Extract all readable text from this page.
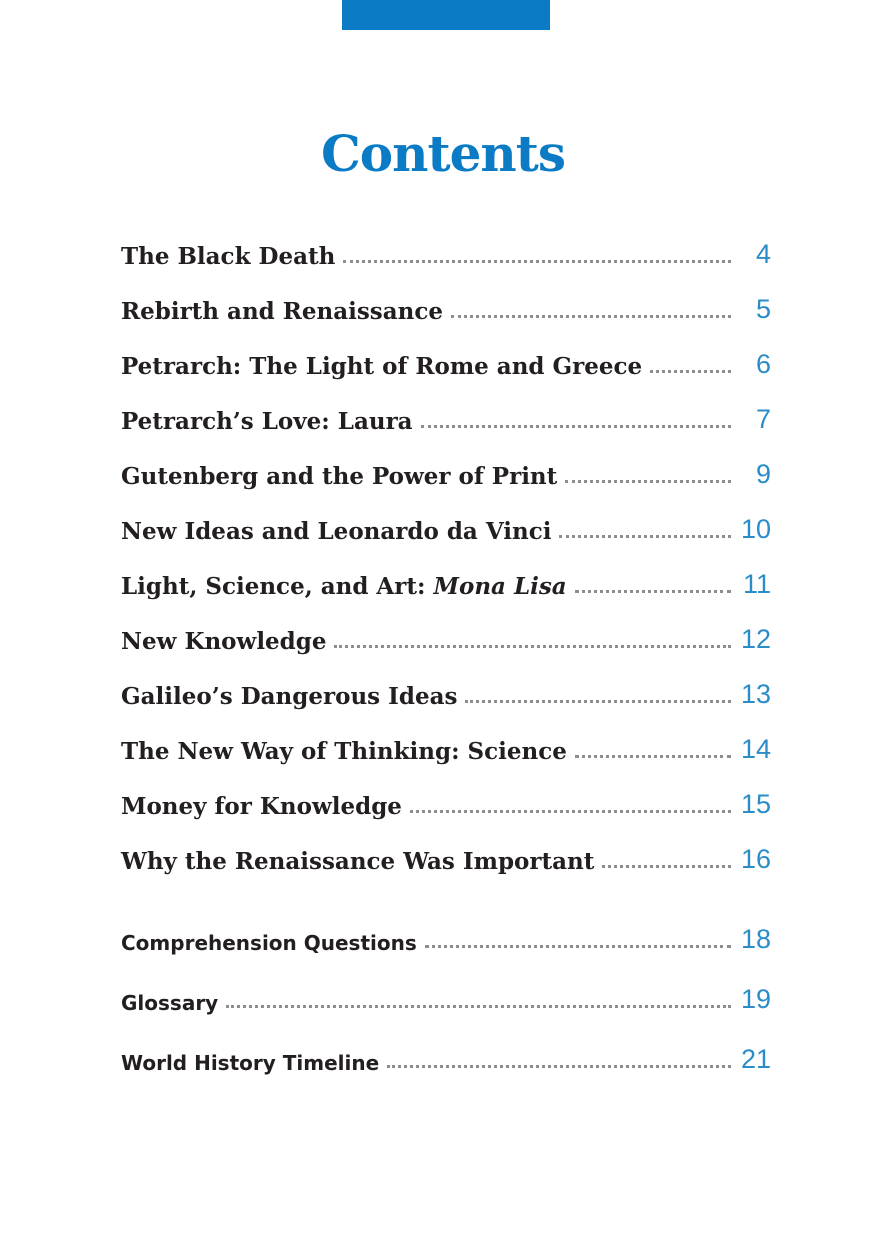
Contents
The Black Death	4
Rebirth and Renaissance	5
Petrarch: The Light of Rome and Greece	6
Petrarch’s Love: Laura	7
Gutenberg and the Power of Print	9
New Ideas and Leonardo da Vinci	10
Light, Science, and Art: Mona Lisa	11
New Knowledge	12
Galileo’s Dangerous Ideas	13
The New Way of Thinking: Science	14
Money for Knowledge	15
Why the Renaissance Was Important	16
Comprehension Questions	18
Glossary	19
World History Timeline	21
